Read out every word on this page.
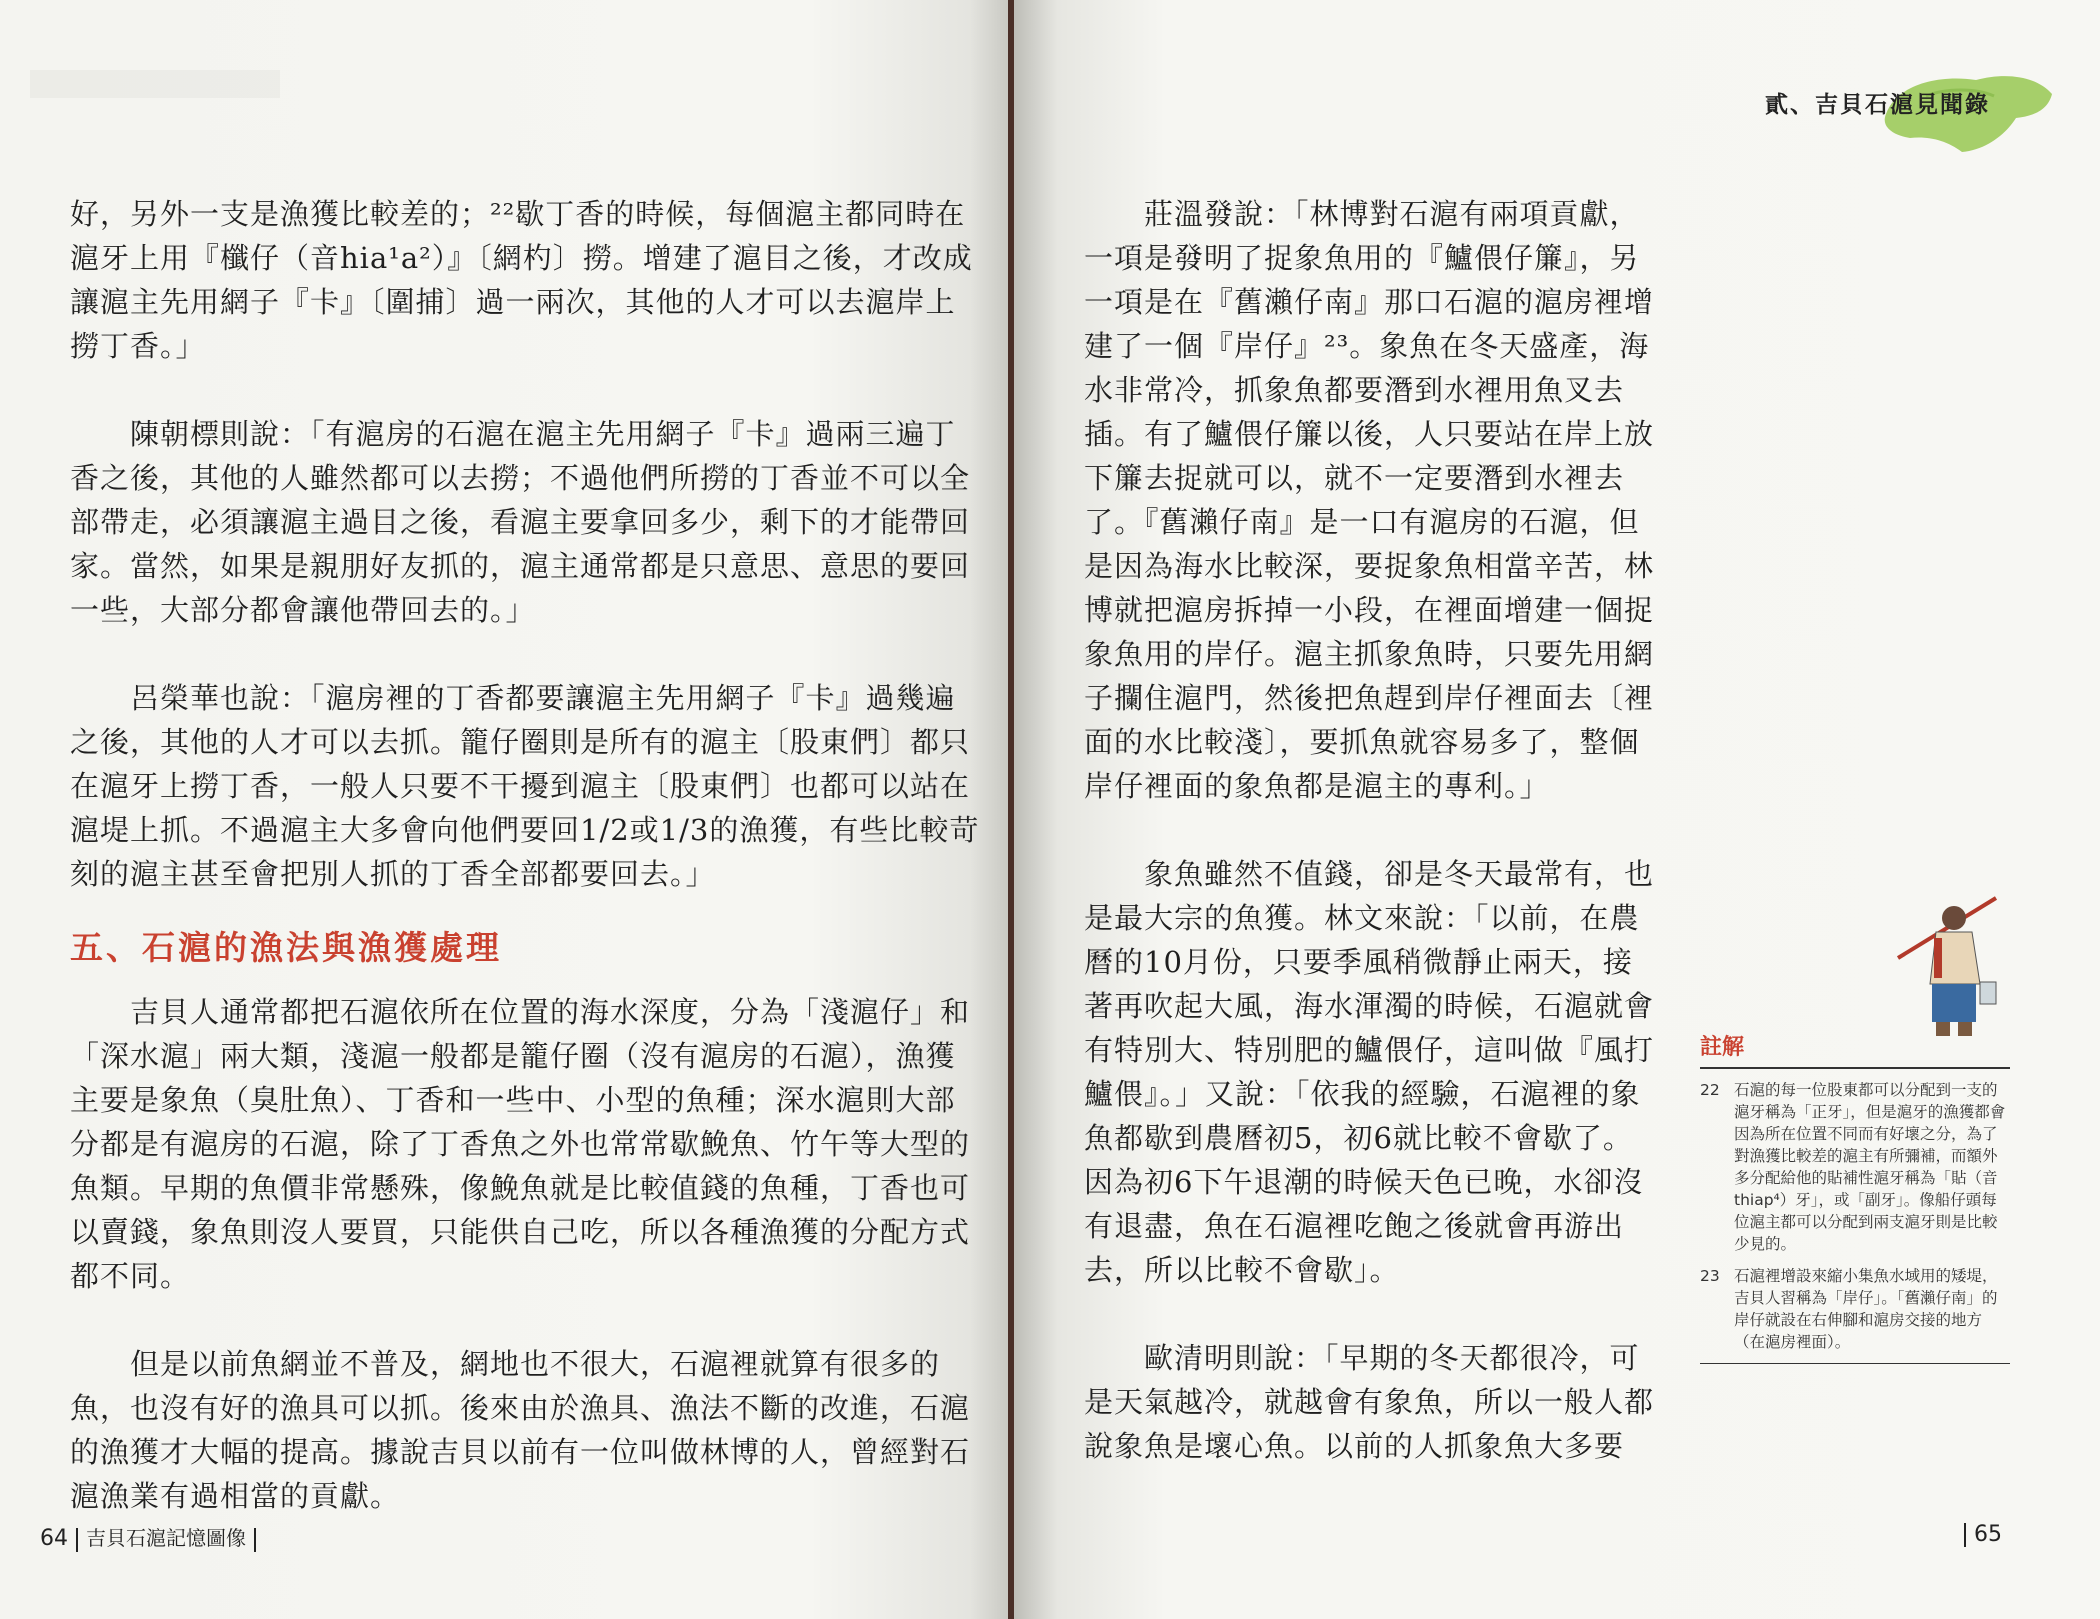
好，另外一支是漁獲比較差的；²²歇丁香的時候，每個滬主都同時在滬牙上用『櫼仔（音hia¹a²）』〔網杓〕撈。增建了滬目之後，才改成讓滬主先用網子『卡』〔圍捕〕過一兩次，其他的人才可以去滬岸上撈丁香。」

陳朝標則說：「有滬房的石滬在滬主先用網子『卡』過兩三遍丁香之後，其他的人雖然都可以去撈；不過他們所撈的丁香並不可以全部帶走，必須讓滬主過目之後，看滬主要拿回多少，剩下的才能帶回家。當然，如果是親朋好友抓的，滬主通常都是只意思、意思的要回一些，大部分都會讓他帶回去的。」

呂榮華也說：「滬房裡的丁香都要讓滬主先用網子『卡』過幾遍之後，其他的人才可以去抓。籠仔圈則是所有的滬主〔股東們〕都只在滬牙上撈丁香，一般人只要不干擾到滬主〔股東們〕也都可以站在滬堤上抓。不過滬主大多會向他們要回1/2或1/3的漁獲，有些比較苛刻的滬主甚至會把別人抓的丁香全部都要回去。」

五、石滬的漁法與漁獲處理

吉貝人通常都把石滬依所在位置的海水深度，分為「淺滬仔」和「深水滬」兩大類，淺滬一般都是籠仔圈（沒有滬房的石滬），漁獲主要是象魚（臭肚魚）、丁香和一些中、小型的魚種；深水滬則大部分都是有滬房的石滬，除了丁香魚之外也常常歇鮸魚、竹午等大型的魚類。早期的魚價非常懸殊，像鮸魚就是比較值錢的魚種，丁香也可以賣錢，象魚則沒人要買，只能供自己吃，所以各種漁獲的分配方式都不同。

但是以前魚網並不普及，網地也不很大，石滬裡就算有很多的魚，也沒有好的漁具可以抓。後來由於漁具、漁法不斷的改進，石滬的漁獲才大幅的提高。據說吉貝以前有一位叫做林博的人，曾經對石滬漁業有過相當的貢獻。

64 吉貝石滬記憶圖像
貳、吉貝石滬見聞錄

莊溫發說：「林博對石滬有兩項貢獻，一項是發明了捉象魚用的『鱸偎仔簾』，另一項是在『舊瀨仔南』那口石滬的滬房裡增建了一個『岸仔』²³。象魚在冬天盛產，海水非常冷，抓象魚都要潛到水裡用魚叉去插。有了鱸偎仔簾以後，人只要站在岸上放下簾去捉就可以，就不一定要潛到水裡去了。『舊瀨仔南』是一口有滬房的石滬，但是因為海水比較深，要捉象魚相當辛苦，林博就把滬房拆掉一小段，在裡面增建一個捉象魚用的岸仔。滬主抓象魚時，只要先用網子攔住滬門，然後把魚趕到岸仔裡面去〔裡面的水比較淺〕，要抓魚就容易多了，整個岸仔裡面的象魚都是滬主的專利。」

象魚雖然不值錢，卻是冬天最常有，也是最大宗的魚獲。林文來說：「以前，在農曆的10月份，只要季風稍微靜止兩天，接著再吹起大風，海水渾濁的時候，石滬就會有特別大、特別肥的鱸偎仔，這叫做『風打鱸偎』。」又說：「依我的經驗，石滬裡的象魚都歇到農曆初5，初6就比較不會歇了。因為初6下午退潮的時候天色已晚，水卻沒有退盡，魚在石滬裡吃飽之後就會再游出去，所以比較不會歇」。

歐清明則說：「早期的冬天都很冷，可是天氣越冷，就越會有象魚，所以一般人都說象魚是壞心魚。以前的人抓象魚大多要

註解
22 石滬的每一位股東都可以分配到一支的滬牙稱為「正牙」，但是滬牙的漁獲都會因為所在位置不同而有好壞之分，為了對漁獲比較差的滬主有所彌補，而額外多分配給他的貼補性滬牙稱為「貼（音 thiap⁴）牙」，或「副牙」。像船仔頭每位滬主都可以分配到兩支滬牙則是比較少見的。
23 石滬裡增設來縮小集魚水域用的矮堤，吉貝人習稱為「岸仔」。「舊瀨仔南」的岸仔就設在右伸腳和滬房交接的地方（在滬房裡面）。
65
